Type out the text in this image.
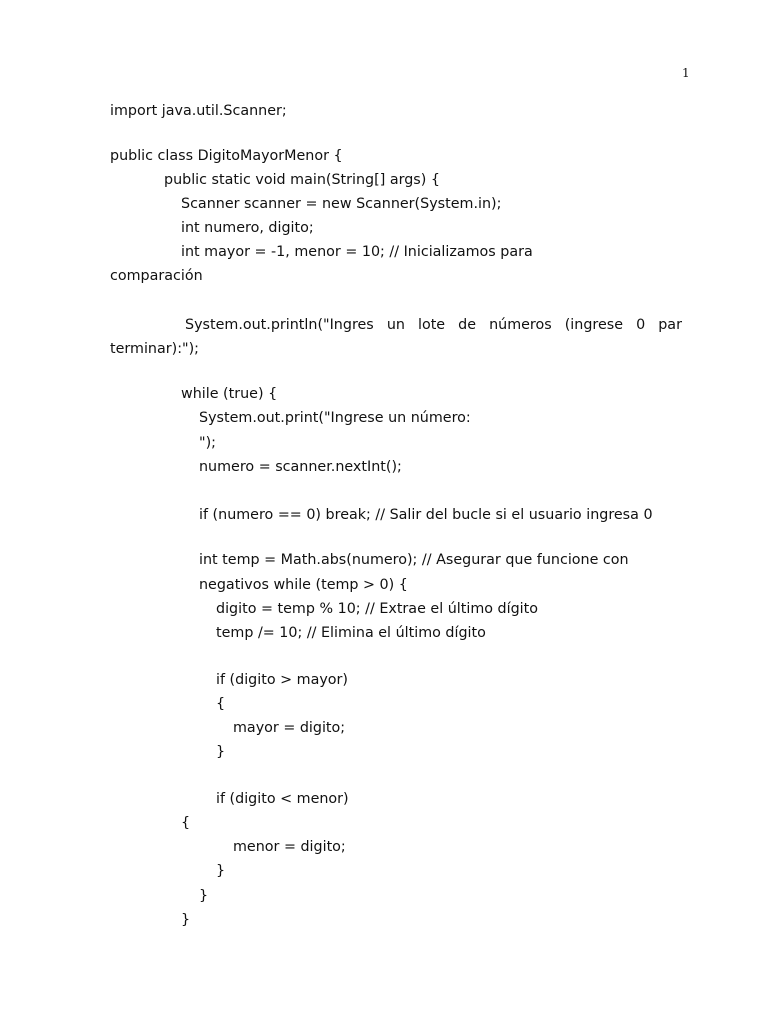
1
import java.util.Scanner;
public class DigitoMayorMenor {
public static void main(String[] args) {
Scanner scanner = new Scanner(System.in);
int numero, digito;
int mayor = -1, menor = 10; // Inicializamos para
comparación
System.out.println("Ingres un lote de números (ingrese 0 par
terminar):");
while (true) {
System.out.print("Ingrese un número:
");
numero = scanner.nextInt();
if (numero == 0) break; // Salir del bucle si el usuario ingresa 0
int temp = Math.abs(numero); // Asegurar que funcione con
negativos while (temp > 0) {
digito = temp % 10; // Extrae el último dígito
temp /= 10; // Elimina el último dígito
if (digito > mayor)
{
mayor = digito;
}
if (digito < menor)
{
menor = digito;
}
}
}
